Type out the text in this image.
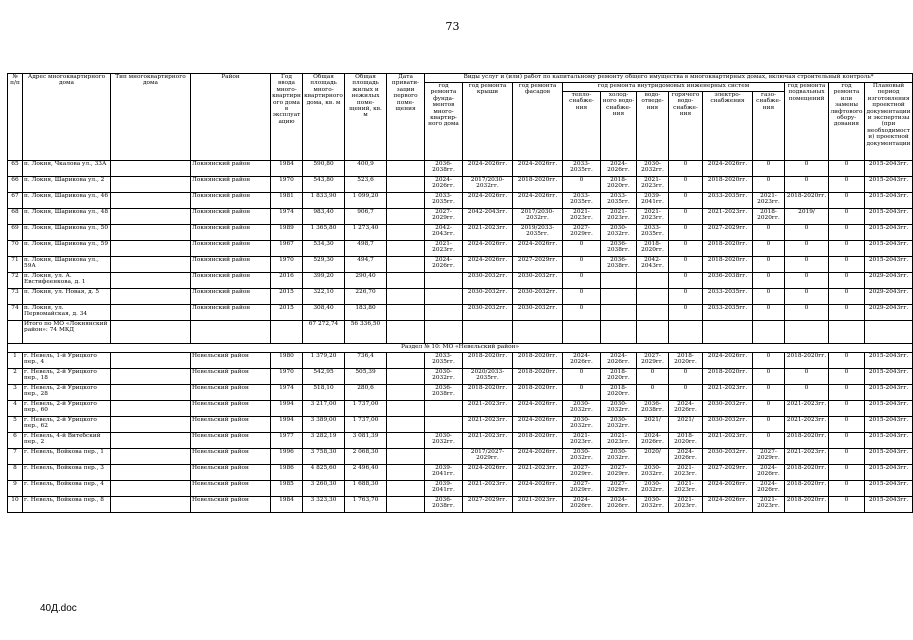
73
№ п/п	Адрес многоквартирного дома	Тип многоквартирного дома	Район	Год ввода много-квартирного дома в эксплуатацию	Общая площадь много-квартирного дома, кв. м	Общая площадь жилых и нежилых поме-щений, кв. м	Дата привати-зации первого поме-щения	Виды услуг и (или) работ по капитальному ремонту общего имущества в многоквартирных домах, включая строительный контроль*											
								год ремонта фунда-ментов много-квартир-ного дома	год ремонта крыши	год ремонта фасадов	год ремонта внутридомовых инженерных систем						год ремонта подвальных помещений	год ремонта или замены лифтового обору-дования	Плановый период изготовления проектной документации и экспертизы (при необходимости) проектной документации
											тепло-снабже-ния	холод-ного водо-снабже-ния	водо-отведе-ния	горячего водо-снабже-ния	электро-снабжения	газо-снабже-ния			
65	п. Локня, Чкалова ул., 33А		Локнянский район	1984	590,80	400,9		2036-2038гг.	2024-2026гг.	2024-2026гг.	2033-2035гг.	2024-2026гг.	2030-2032гг.	0	2024-2026гг.	0	0	0	2015-2043гг.
66	п. Локня, Шарикова ул., 2		Локнянский район	1970	543,80	523,6		2024-2026гг.	2017/2030-2032гг.	2018-2020гг.	0	2018-2020гг.	2021-2023гг.	0	2018-2020гг.	0	0	0	2015-2043гг.
67	п. Локня, Шарикова ул., 46		Локнянский район	1981	1 833,90	1 099,20		2033-2035гг.	2024-2026гг.	2024-2026гг.	2033-2035гг.	2033-2035гг.	2039-2041гг.	0	2033-2035гг.	2021-2023гг.	2018-2020гг.	0	2015-2043гг.
68	п. Локня, Шарикова ул., 48		Локнянский район	1974	983,40	906,7		2027-2029гг.	2042-2043гг.	2017/2030-2032гг.	2021-2023гг.	2021-2023гг.	2021-2023гг.	0	2021-2023гг.	2018-2020гг.	2019/	0	2015-2043гг.
69	п. Локня, Шарикова ул., 50		Локнянский район	1989	1 365,80	1 273,40		2042-2043гг.	2021-2023гг.	2019/2033-2035гг.	2027-2029гг.	2030-2032гг.	2033-2035гг.	0	2027-2029гг.	0	0	0	2015-2043гг.
70	п. Локня, Шарикова ул., 59		Локнянский район	1967	534,30	498,7		2021-2023гг.	2024-2026гг.	2024-2026гг.	0	2036-2038гг.	2018-2020гг.	0	2018-2020гг.	0	0	0	2015-2043гг.
71	п. Локня, Шарикова ул., 59А		Локнянский район	1970	529,30	494,7		2024-2026гг.	2024-2026гг.	2027-2029гг.	0	2036-2038гг.	2042-2043гг.	0	2018-2020гг.	0	0	0	2015-2043гг.
72	п. Локня, ул. А. Евстифеенкова, д. 1		Локнянский район	2016	399,20	290,40			2030-2032гг.	2030-2032гг.	0			0	2036-2038гг.	0	0	0	2029-2043гг.
73	п. Локня, ул. Новая, д. 5		Локнянский район	2015	322,10	226,70			2030-2032гг.	2030-2032гг.	0			0	2033-2035гг.	0	0	0	2029-2043гг.
74	п. Локня, ул. Первомайская, д. 34		Локнянский район	2015	308,40	183,80			2030-2032гг.	2030-2032гг.	0			0	2033-2035гг.	0	0	0	2029-2043гг.
	Итого по МО «Локнянский район»: 74 МКД				67 272,74	56 336,50													
Раздел № 10: МО «Невельский район»																			
1	г. Невель, 1-й Урицкого пер., 4		Невельский район	1980	1 379,20	736,4		2033-2035гг.	2018-2020гг.	2018-2020гг.	2024-2026гг.	2024-2026гг.	2027-2029гг.	2018-2020гг.	2024-2026гг.	0	2018-2020гг.	0	2015-2043гг.
2	г. Невель, 2-й Урицкого пер., 18		Невельский район	1970	542,95	505,39		2030-2032гг.	2020/2033-2035гг.	2018-2020гг.	0	2018-2020гг.	0	0	2018-2020гг.	0	0	0	2015-2043гг.
3	г. Невель, 2-й Урицкого пер., 28		Невельский район	1974	518,10	280,6		2036-2038гг.	2018-2020гг.	2018-2020гг.	0	2018-2020гг.	0	0	2021-2023гг.	0	0	0	2015-2043гг.
4	г. Невель, 2-й Урицкого пер., 60		Невельский район	1994	3 217,00	1 737,00			2021-2023гг.	2024-2026гг.	2030-2032гг.	2030-2032гг.	2036-2038гг.	2024-2026гг.	2030-2032гг.	0	2021-2023гг.	0	2015-2043гг.
5	г. Невель, 2-й Урицкого пер., 62		Невельский район	1994	3 389,00	1 737,00			2021-2023гг.	2024-2026гг.	2030-2032гг.	2030-2032гг.	2021/	2021/	2030-2032гг.	0	2021-2023гг.	0	2015-2043гг.
6	г. Невель, 4-й Витебский пер., 2		Невельский район	1977	3 282,19	3 081,39		2030-2032гг.	2021-2023гг.	2018-2020гг.	2021-2023гг.	2021-2023гг.	2024-2026гг.	2018-2020гг.	2021-2023гг.	0	2018-2020гг.	0	2015-2043гг.
7	г. Невель, Войкова пер., 1		Невельский район	1996	3 758,30	2 068,30			2017/2027-2029гг.	2024-2026гг.	2030-2032гг.	2030-2032гг.	2020/	2024-2026гг.	2030-2032гг.	2027-2029гг.	2021-2023гг.	0	2015-2043гг.
8	г. Невель, Войкова пер., 3		Невельский район	1986	4 825,60	2 496,40		2039-2041гг.	2024-2026гг.	2021-2023гг.	2027-2029гг.	2027-2029гг.	2030-2032гг.	2021-2023гг.	2027-2029гг.	2024-2026гг.	2018-2020гг.	0	2015-2043гг.
9	г. Невель, Войкова пер., 4		Невельский район	1985	3 260,30	1 688,30		2039-2041гг.	2021-2023гг.	2024-2026гг.	2027-2029гг.	2027-2029гг.	2030-2032гг.	2021-2023гг.	2024-2026гг.	2024-2026гг.	2018-2020гг.	0	2015-2043гг.
10	г. Невель, Войкова пер., 8		Невельский район	1984	3 323,30	1 763,70		2036-2038гг.	2027-2029гг.	2021-2023гг.	2024-2026гг.	2024-2026гг.	2030-2032гг.	2021-2023гг.	2024-2026гг.	2021-2023гг.	2018-2020гг.	0	2015-2043гг.
40Д.doc
